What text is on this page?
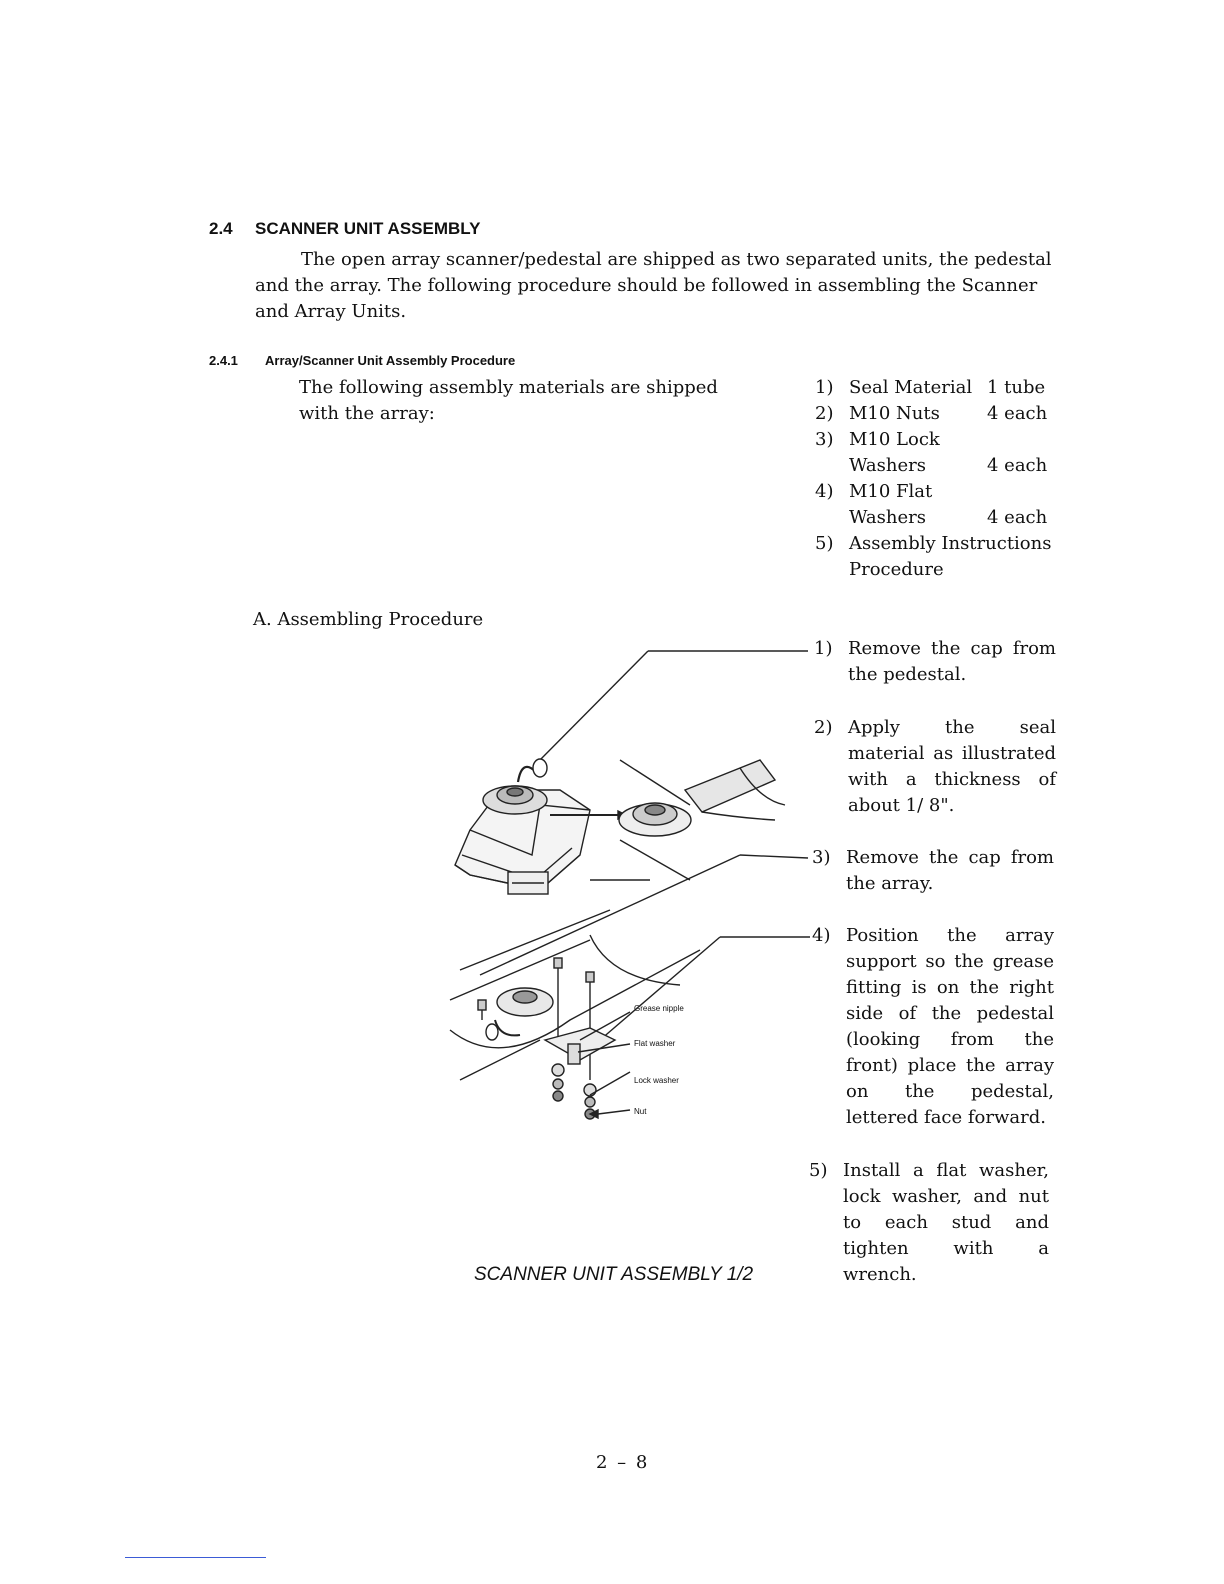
2.4 SCANNER UNIT ASSEMBLY
The open array scanner/pedestal are shipped as two separated units, the pedestal and the array. The following procedure should be followed in assembling the Scanner and Array Units.
2.4.1 Array/Scanner Unit Assembly Procedure
The following assembly materials are shipped with the array:
1) Seal Material 1 tube
2) M10 Nuts	4 each
3) M10 Lock Washers	4 each
4) M10 Flat Washers	4 each
5) Assembly Instructions Procedure
A. Assembling Procedure
1) Remove the cap from the pedestal.
2) Apply the seal material as illustrated with a thickness of about 1/ 8".
3) Remove the cap from the array.
4) Position the array support so the grease fitting is on the right side of the pedestal (looking from the front) place the array on the pedestal, lettered face forward.
5) Install a flat washer, lock washer, and nut to each stud and tighten with a wrench.
Grease nipple
Flat washer
Lock washer
Nut
SCANNER UNIT ASSEMBLY 1/2
2 – 8
